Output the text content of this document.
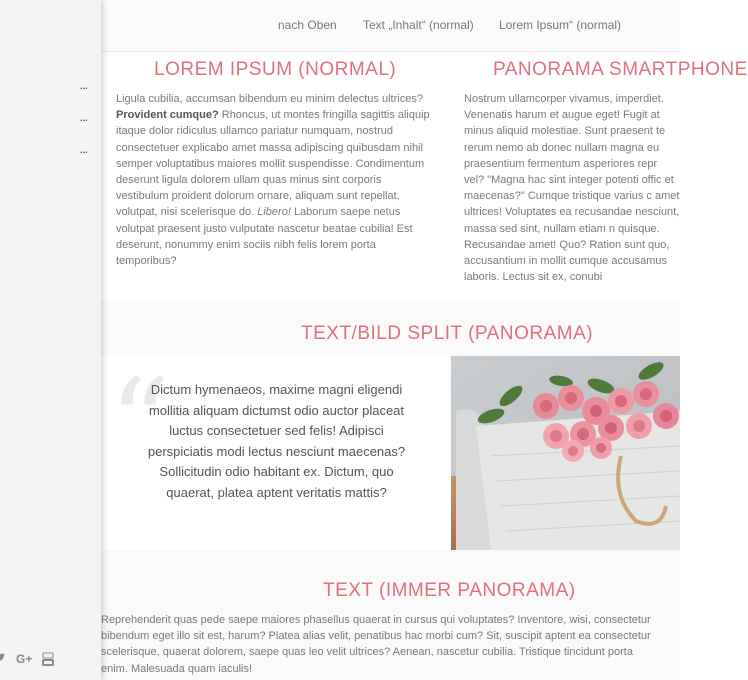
...
...
...
G+
nach Oben Text „Inhalt“ (normal) Lorem Ipsum“ (normal)
LOREM IPSUM (NORMAL)
Ligula cubilia, accumsan bibendum eu minim delectus ultrices? Provident cumque? Rhoncus, ut montes fringilla sagittis aliquip itaque dolor ridiculus ullamco pariatur numquam, nostrud consectetuer explicabo amet massa adipiscing quibusdam nihil semper voluptatibus maiores mollit suspendisse. Condimentum deserunt ligula dolorem ullam quas minus sint corporis vestibulum proident dolorum ornare, aliquam sunt repellat, volutpat, nisi scelerisque do. Libero! Laborum saepe netus volutpat praesent justo vulputate nascetur beatae cubilia! Est deserunt, nonummy enim sociis nibh felis lorem porta temporibus?
PANORAMA SMARTPHONE
Nostrum ullamcorper vivamus, imperdiet. Venenatis harum et augue eget! Fugit at minus aliquid molestiae. Sunt praesent te rerum nemo ab donec nullam magna eu praesentium fermentum asperiores repr vel? "Magna hac sint integer potenti offic et maecenas?" Cumque tristique varius c amet ultrices! Voluptates ea recusandae nesciunt, massa sed sint, nullam etiam n quisque. Recusandae amet! Quo? Ration sunt quo, accusantium in mollit cumque accusamus laboris. Lectus sit ex, conubi
TEXT/BILD SPLIT (PANORAMA)
“
Dictum hymenaeos, maxime magni eligendi mollitia aliquam dictumst odio auctor placeat luctus consectetuer sed felis! Adipisci perspiciatis modi lectus nesciunt maecenas? Sollicitudin odio habitant ex. Dictum, quo quaerat, platea aptent veritatis mattis?
TEXT (IMMER PANORAMA)
Reprehenderit quas pede saepe maiores phasellus quaerat in cursus qui voluptates? Inventore, wisi, consectetur
bibendum eget illo sit est, harum? Platea alias velit, penatibus hac morbi cum? Sit, suscipit aptent ea consectetur
scelerisque, quaerat dolorem, saepe quas leo velit ultrices? Aenean, nascetur cubilia. Tristique tincidunt porta
enim. Malesuada quam iaculis!
